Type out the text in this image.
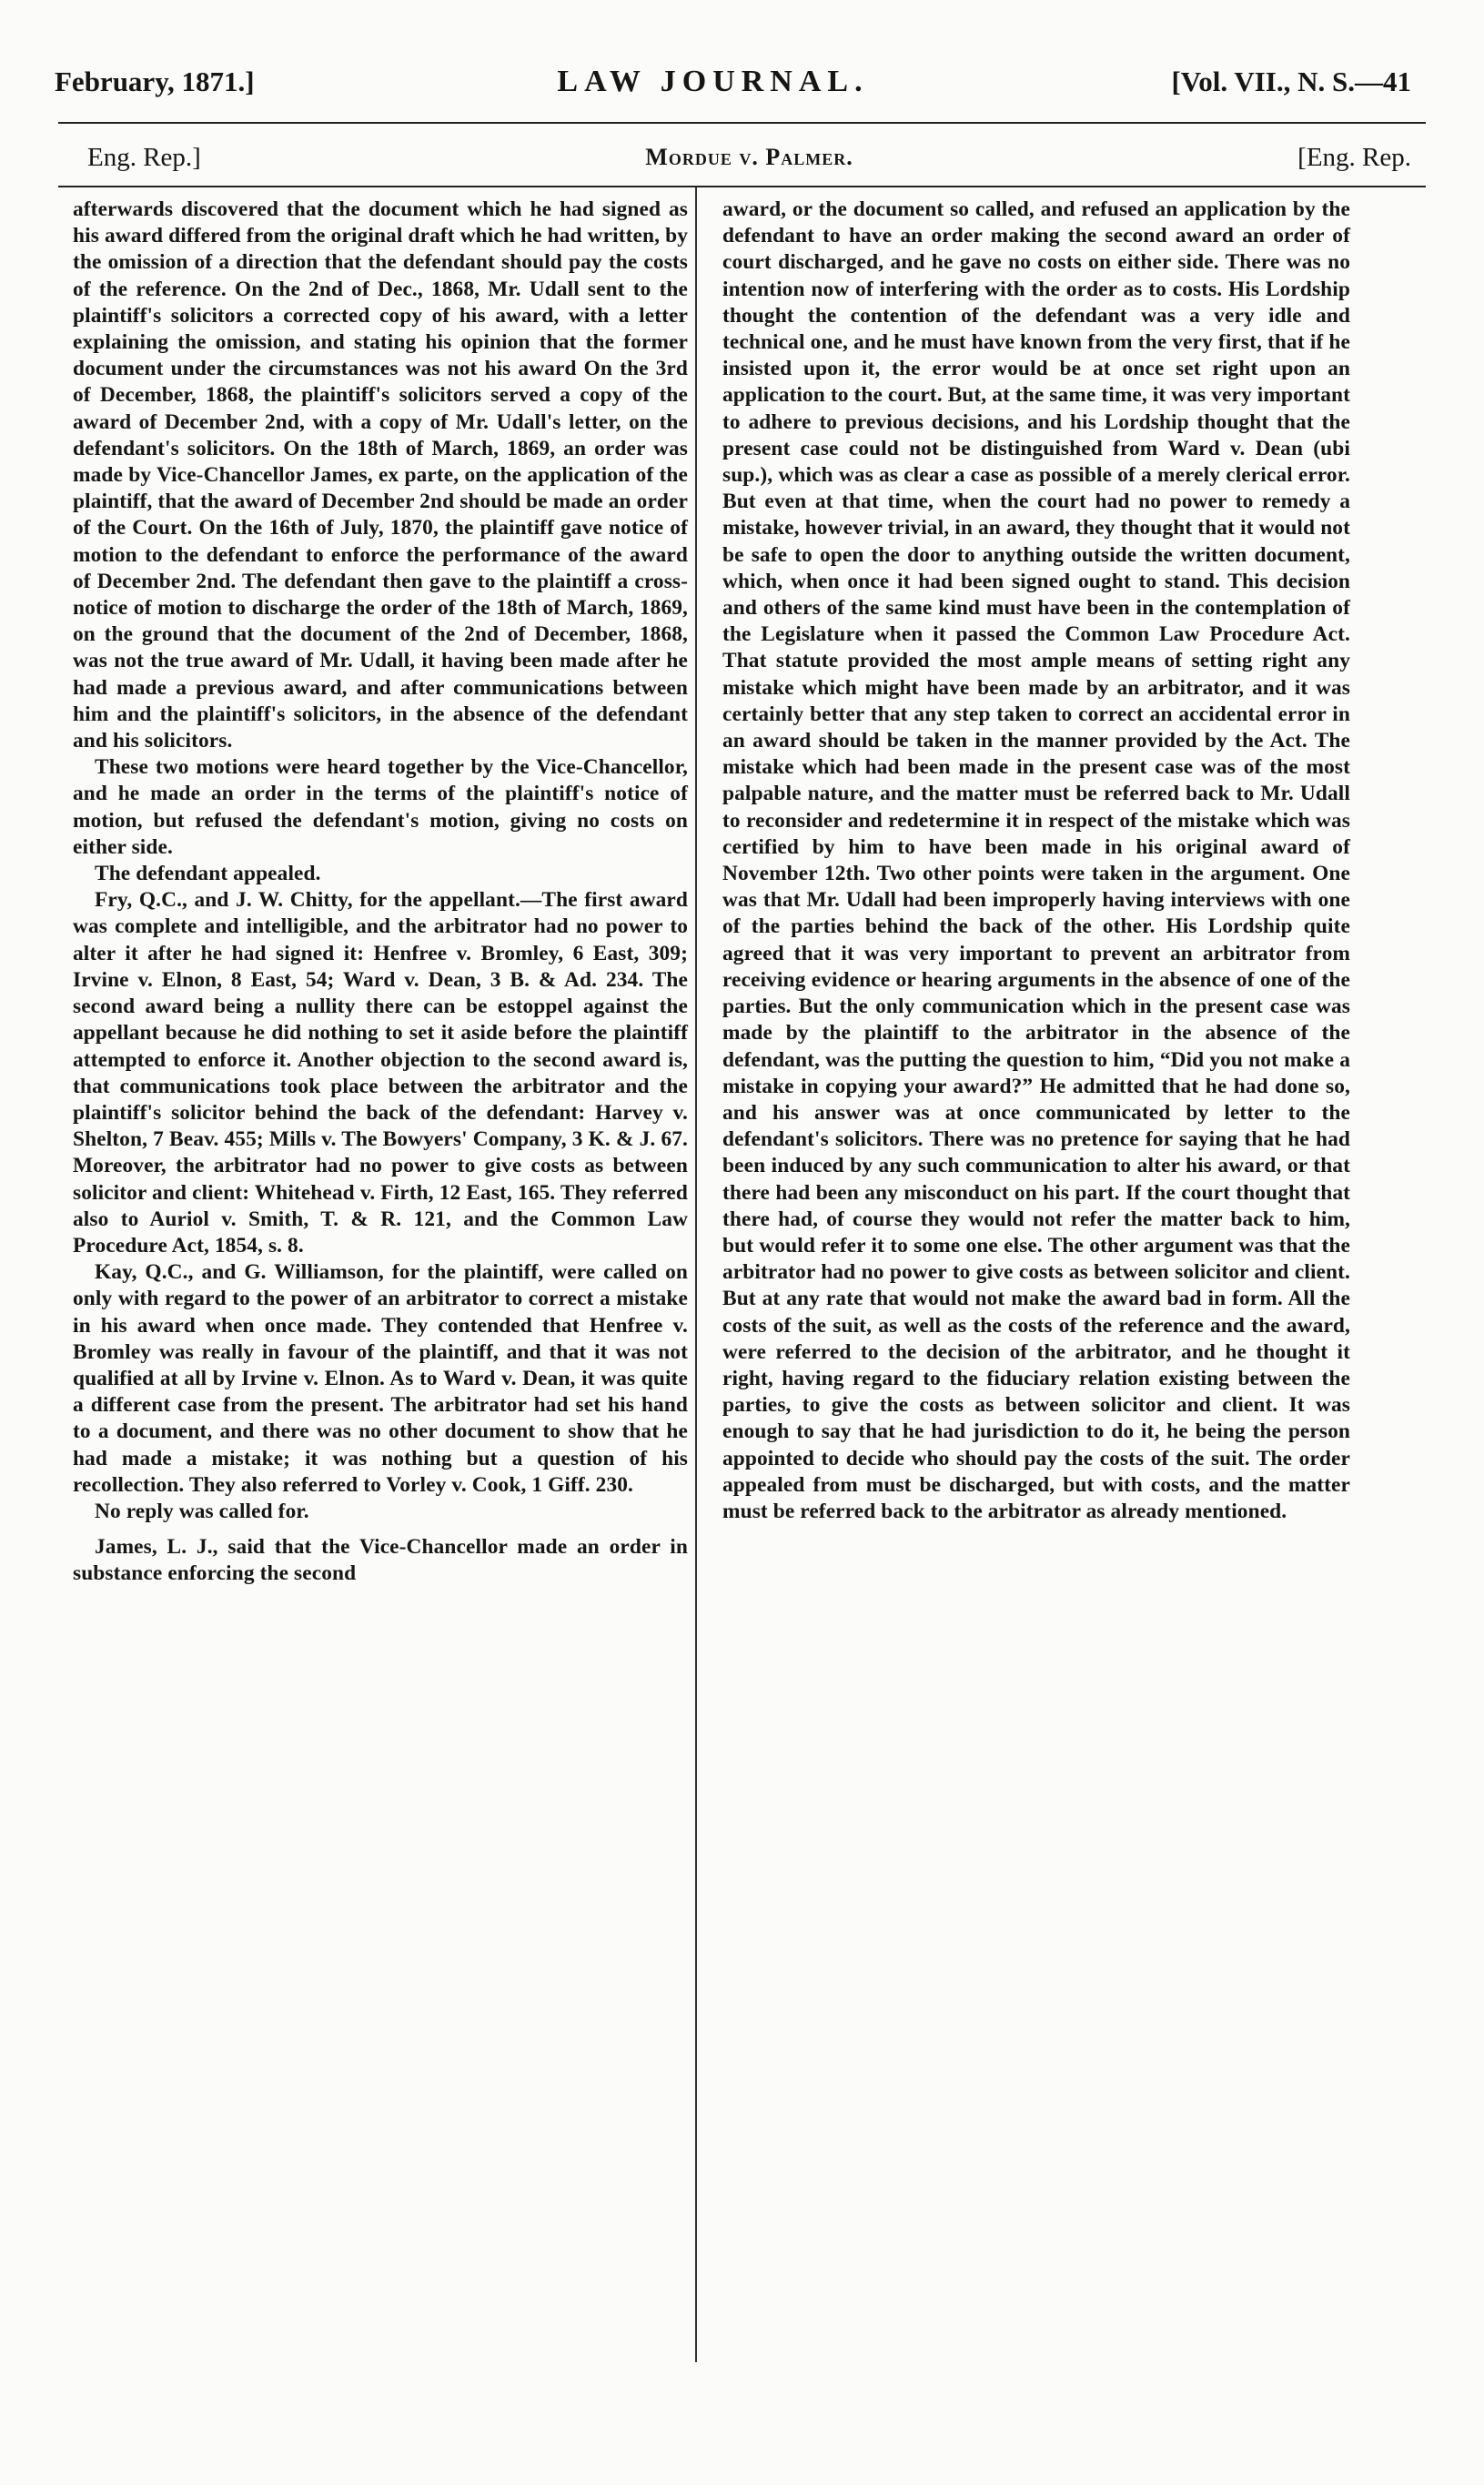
February, 1871.]	LAW JOURNAL.	[Vol. VII., N. S.—41
Eng. Rep.]	Mordue v. Palmer.	[Eng. Rep.

afterwards discovered that the document which he had signed as his award differed from the original draft which he had written, by the omission of a direction that the defendant should pay the costs of the reference. On the 2nd of Dec., 1868, Mr. Udall sent to the plaintiff's solicitors a corrected copy of his award, with a letter explaining the omission, and stating his opinion that the former document under the circumstances was not his award On the 3rd of December, 1868, the plaintiff's solicitors served a copy of the award of December 2nd, with a copy of Mr. Udall's letter, on the defendant's solicitors. On the 18th of March, 1869, an order was made by Vice-Chancellor James, ex parte, on the application of the plaintiff, that the award of December 2nd should be made an order of the Court. On the 16th of July, 1870, the plaintiff gave notice of motion to the defendant to enforce the performance of the award of December 2nd. The defendant then gave to the plaintiff a cross-notice of motion to discharge the order of the 18th of March, 1869, on the ground that the document of the 2nd of December, 1868, was not the true award of Mr. Udall, it having been made after he had made a previous award, and after communications between him and the plaintiff's solicitors, in the absence of the defendant and his solicitors.

These two motions were heard together by the Vice-Chancellor, and he made an order in the terms of the plaintiff's notice of motion, but refused the defendant's motion, giving no costs on either side.

The defendant appealed.

Fry, Q.C., and J. W. Chitty, for the appellant.—The first award was complete and intelligible, and the arbitrator had no power to alter it after he had signed it: Henfree v. Bromley, 6 East, 309; Irvine v. Elnon, 8 East, 54; Ward v. Dean, 3 B. & Ad. 234. The second award being a nullity there can be estoppel against the appellant because he did nothing to set it aside before the plaintiff attempted to enforce it. Another objection to the second award is, that communications took place between the arbitrator and the plaintiff's solicitor behind the back of the defendant: Harvey v. Shelton, 7 Beav. 455; Mills v. The Bowyers' Company, 3 K. & J. 67. Moreover, the arbitrator had no power to give costs as between solicitor and client: Whitehead v. Firth, 12 East, 165. They referred also to Auriol v. Smith, T. & R. 121, and the Common Law Procedure Act, 1854, s. 8.

Kay, Q.C., and G. Williamson, for the plaintiff, were called on only with regard to the power of an arbitrator to correct a mistake in his award when once made. They contended that Henfree v. Bromley was really in favour of the plaintiff, and that it was not qualified at all by Irvine v. Elnon. As to Ward v. Dean, it was quite a different case from the present. The arbitrator had set his hand to a document, and there was no other document to show that he had made a mistake; it was nothing but a question of his recollection. They also referred to Vorley v. Cook, 1 Giff. 230.

No reply was called for.

James, L. J., said that the Vice-Chancellor made an order in substance enforcing the second

award, or the document so called, and refused an application by the defendant to have an order making the second award an order of court discharged, and he gave no costs on either side. There was no intention now of interfering with the order as to costs. His Lordship thought the contention of the defendant was a very idle and technical one, and he must have known from the very first, that if he insisted upon it, the error would be at once set right upon an application to the court. But, at the same time, it was very important to adhere to previous decisions, and his Lordship thought that the present case could not be distinguished from Ward v. Dean (ubi sup.), which was as clear a case as possible of a merely clerical error. But even at that time, when the court had no power to remedy a mistake, however trivial, in an award, they thought that it would not be safe to open the door to anything outside the written document, which, when once it had been signed ought to stand. This decision and others of the same kind must have been in the contemplation of the Legislature when it passed the Common Law Procedure Act. That statute provided the most ample means of setting right any mistake which might have been made by an arbitrator, and it was certainly better that any step taken to correct an accidental error in an award should be taken in the manner provided by the Act. The mistake which had been made in the present case was of the most palpable nature, and the matter must be referred back to Mr. Udall to reconsider and redetermine it in respect of the mistake which was certified by him to have been made in his original award of November 12th. Two other points were taken in the argument. One was that Mr. Udall had been improperly having interviews with one of the parties behind the back of the other. His Lordship quite agreed that it was very important to prevent an arbitrator from receiving evidence or hearing arguments in the absence of one of the parties. But the only communication which in the present case was made by the plaintiff to the arbitrator in the absence of the defendant, was the putting the question to him, “Did you not make a mistake in copying your award?” He admitted that he had done so, and his answer was at once communicated by letter to the defendant's solicitors. There was no pretence for saying that he had been induced by any such communication to alter his award, or that there had been any misconduct on his part. If the court thought that there had, of course they would not refer the matter back to him, but would refer it to some one else. The other argument was that the arbitrator had no power to give costs as between solicitor and client. But at any rate that would not make the award bad in form. All the costs of the suit, as well as the costs of the reference and the award, were referred to the decision of the arbitrator, and he thought it right, having regard to the fiduciary relation existing between the parties, to give the costs as between solicitor and client. It was enough to say that he had jurisdiction to do it, he being the person appointed to decide who should pay the costs of the suit. The order appealed from must be discharged, but with costs, and the matter must be referred back to the arbitrator as already mentioned.
